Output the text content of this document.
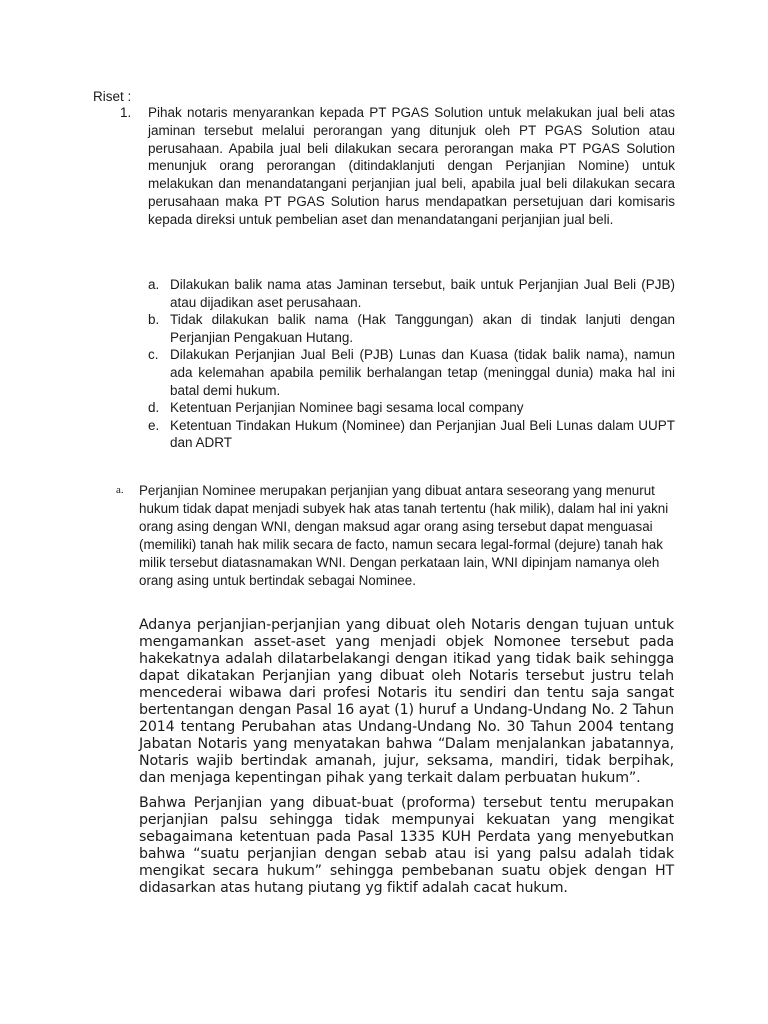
Riset :
1. Pihak notaris menyarankan kepada PT PGAS Solution untuk melakukan jual beli atas jaminan tersebut melalui perorangan yang ditunjuk oleh PT PGAS Solution atau perusahaan. Apabila jual beli dilakukan secara perorangan maka PT PGAS Solution menunjuk orang perorangan (ditindaklanjuti dengan Perjanjian Nomine) untuk melakukan dan menandatangani perjanjian jual beli, apabila jual beli dilakukan secara perusahaan maka PT PGAS Solution harus mendapatkan persetujuan dari komisaris kepada direksi untuk pembelian aset dan menandatangani perjanjian jual beli.
a. Dilakukan balik nama atas Jaminan tersebut, baik untuk Perjanjian Jual Beli (PJB) atau dijadikan aset perusahaan.
b. Tidak dilakukan balik nama (Hak Tanggungan) akan di tindak lanjuti dengan Perjanjian Pengakuan Hutang.
c. Dilakukan Perjanjian Jual Beli (PJB) Lunas dan Kuasa (tidak balik nama), namun ada kelemahan apabila pemilik berhalangan tetap (meninggal dunia) maka hal ini batal demi hukum.
d. Ketentuan Perjanjian Nominee bagi sesama local company
e. Ketentuan Tindakan Hukum (Nominee) dan Perjanjian Jual Beli Lunas dalam UUPT dan ADRT
a. Perjanjian Nominee merupakan perjanjian yang dibuat antara seseorang yang menurut hukum tidak dapat menjadi subyek hak atas tanah tertentu (hak milik), dalam hal ini yakni orang asing dengan WNI, dengan maksud agar orang asing tersebut dapat menguasai (memiliki) tanah hak milik secara de facto, namun secara legal-formal (dejure) tanah hak milik tersebut diatasnamakan WNI. Dengan perkataan lain, WNI dipinjam namanya oleh orang asing untuk bertindak sebagai Nominee.
Adanya perjanjian-perjanjian yang dibuat oleh Notaris dengan tujuan untuk mengamankan asset-aset yang menjadi objek Nomonee tersebut pada hakekatnya adalah dilatarbelakangi dengan itikad yang tidak baik sehingga dapat dikatakan Perjanjian yang dibuat oleh Notaris tersebut justru telah mencederai wibawa dari profesi Notaris itu sendiri dan tentu saja sangat bertentangan dengan Pasal 16 ayat (1) huruf a Undang-Undang No. 2 Tahun 2014 tentang Perubahan atas Undang-Undang No. 30 Tahun 2004 tentang Jabatan Notaris yang menyatakan bahwa “Dalam menjalankan jabatannya, Notaris wajib bertindak amanah, jujur, seksama, mandiri, tidak berpihak, dan menjaga kepentingan pihak yang terkait dalam perbuatan hukum”.
Bahwa Perjanjian yang dibuat-buat (proforma) tersebut tentu merupakan perjanjian palsu sehingga tidak mempunyai kekuatan yang mengikat sebagaimana ketentuan pada Pasal 1335 KUH Perdata yang menyebutkan bahwa “suatu perjanjian dengan sebab atau isi yang palsu adalah tidak mengikat secara hukum” sehingga pembebanan suatu objek dengan HT didasarkan atas hutang piutang yg fiktif adalah cacat hukum.
